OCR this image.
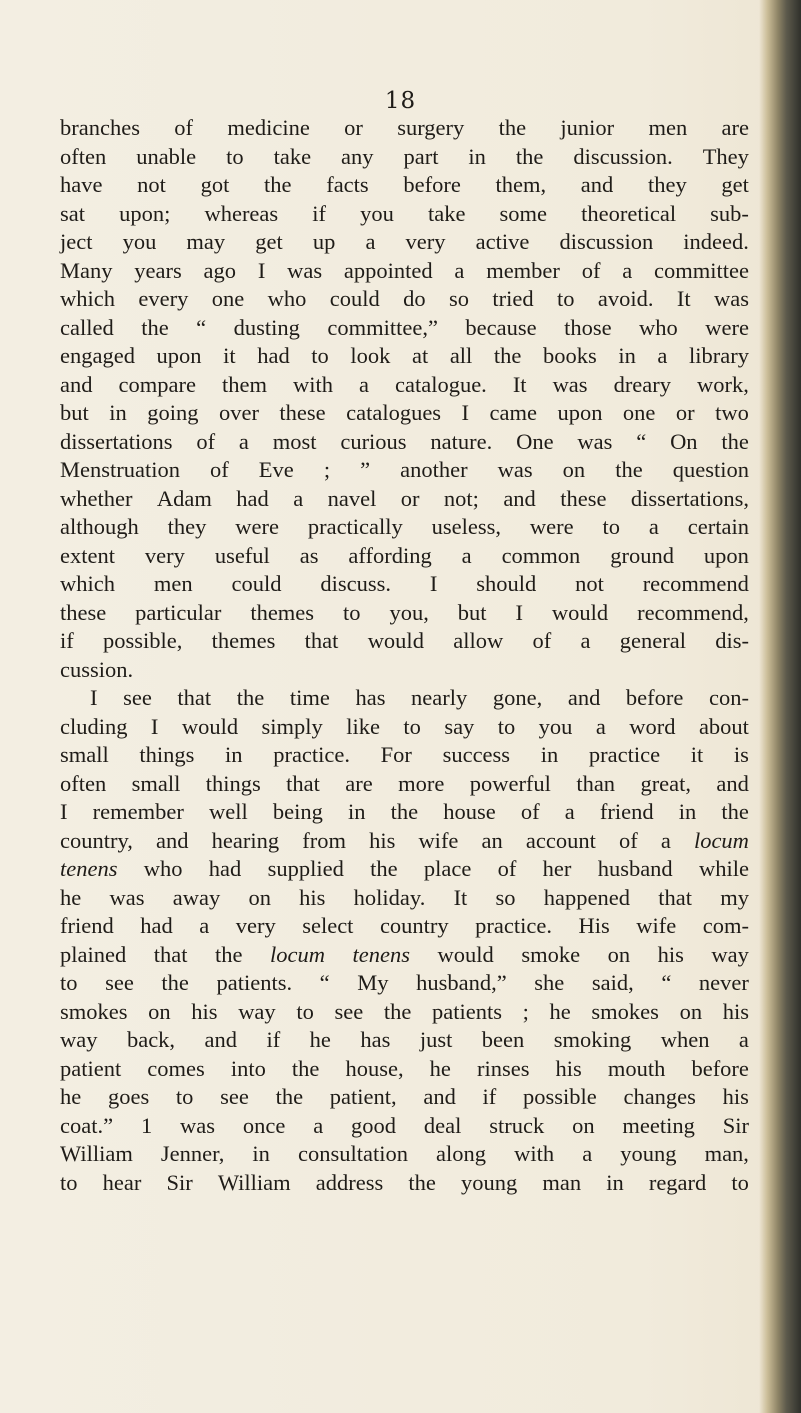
18
branches of medicine or surgery the junior men are
often unable to take any part in the discussion. They
have not got the facts before them, and they get
sat upon; whereas if you take some theoretical sub-
ject you may get up a very active discussion indeed.
Many years ago I was appointed a member of a committee
which every one who could do so tried to avoid. It was
called the “ dusting committee,” because those who were
engaged upon it had to look at all the books in a library
and compare them with a catalogue. It was dreary work,
but in going over these catalogues I came upon one or two
dissertations of a most curious nature. One was “ On the
Menstruation of Eve ; ” another was on the question
whether Adam had a navel or not; and these dissertations,
although they were practically useless, were to a certain
extent very useful as affording a common ground upon
which men could discuss. I should not recommend
these particular themes to you, but I would recommend,
if possible, themes that would allow of a general dis-
cussion.
I see that the time has nearly gone, and before con-
cluding I would simply like to say to you a word about
small things in practice. For success in practice it is
often small things that are more powerful than great, and
I remember well being in the house of a friend in the
country, and hearing from his wife an account of a locum
tenens who had supplied the place of her husband while
he was away on his holiday. It so happened that my
friend had a very select country practice. His wife com-
plained that the locum tenens would smoke on his way
to see the patients. “ My husband,” she said, “ never
smokes on his way to see the patients ; he smokes on his
way back, and if he has just been smoking when a
patient comes into the house, he rinses his mouth before
he goes to see the patient, and if possible changes his
coat.” 1 was once a good deal struck on meeting Sir
William Jenner, in consultation along with a young man,
to hear Sir William address the young man in regard to
